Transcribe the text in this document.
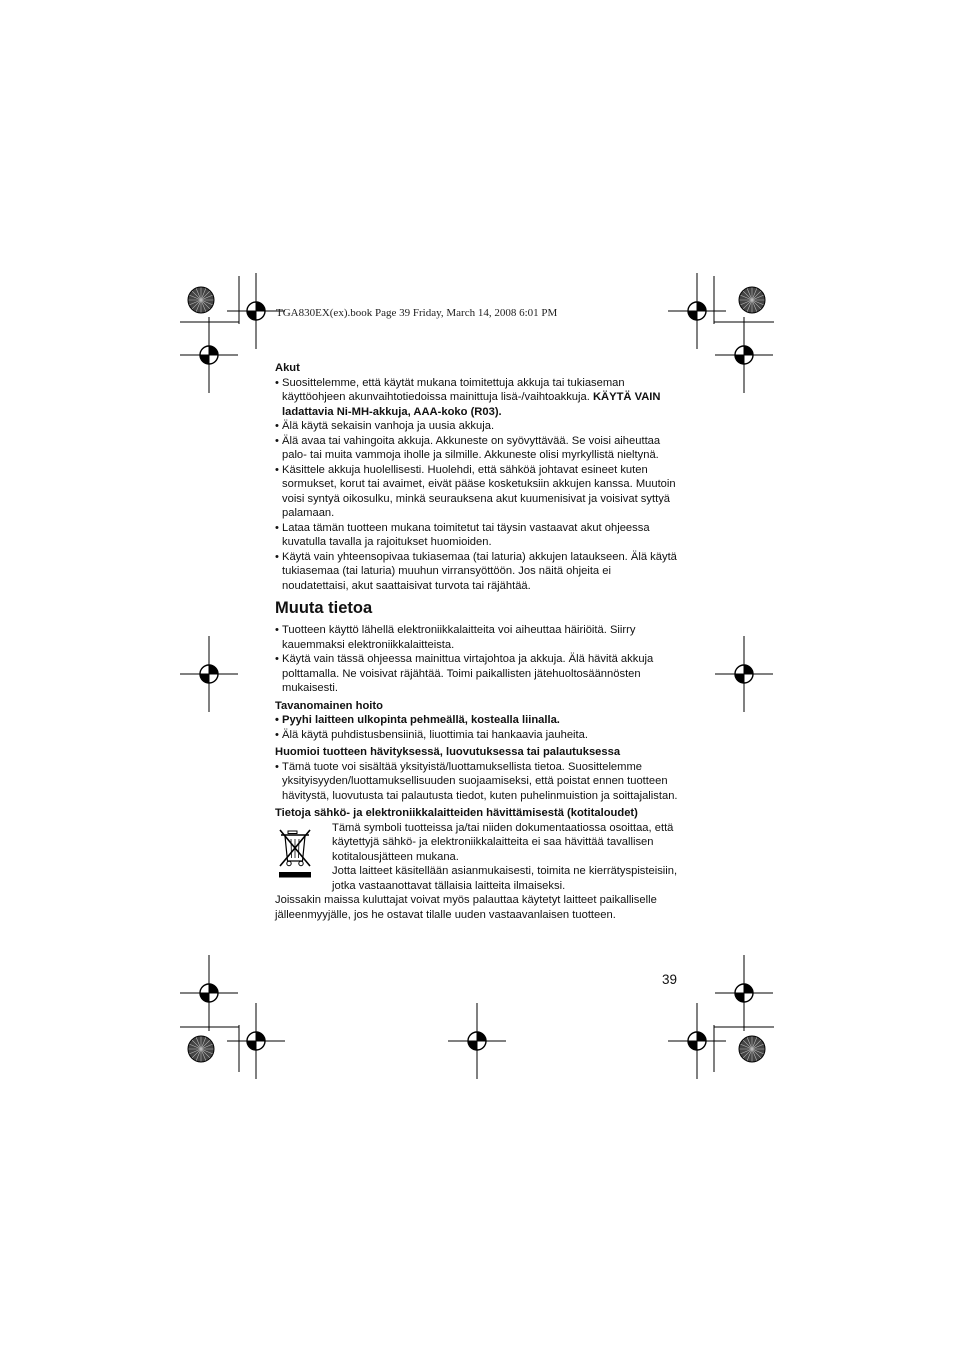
TGA830EX(ex).book Page 39 Friday, March 14, 2008 6:01 PM

Akut

• Suosittelemme, että käytät mukana toimitettuja akkuja tai tukiaseman käyttöohjeen akunvaihtotiedoissa mainittuja lisä-/vaihtoakkuja. KÄYTÄ VAIN ladattavia Ni-MH-akkuja, AAA-koko (R03).
• Älä käytä sekaisin vanhoja ja uusia akkuja.
• Älä avaa tai vahingoita akkuja. Akkuneste on syövyttävää. Se voisi aiheuttaa palo- tai muita vammoja iholle ja silmille. Akkuneste olisi myrkyllistä nieltynä.
• Käsittele akkuja huolellisesti. Huolehdi, että sähköä johtavat esineet kuten sormukset, korut tai avaimet, eivät pääse kosketuksiin akkujen kanssa. Muutoin voisi syntyä oikosulku, minkä seurauksena akut kuumenisivat ja voisivat syttyä palamaan.
• Lataa tämän tuotteen mukana toimitetut tai täysin vastaavat akut ohjeessa kuvatulla tavalla ja rajoitukset huomioiden.
• Käytä vain yhteensopivaa tukiasemaa (tai laturia) akkujen lataukseen. Älä käytä tukiasemaa (tai laturia) muuhun virransyöttöön. Jos näitä ohjeita ei noudatettaisi, akut saattaisivat turvota tai räjähtää.

Muuta tietoa

• Tuotteen käyttö lähellä elektroniikkalaitteita voi aiheuttaa häiriöitä. Siirry kauemmaksi elektroniikkalaitteista.
• Käytä vain tässä ohjeessa mainittua virtajohtoa ja akkuja. Älä hävitä akkuja polttamalla. Ne voisivat räjähtää. Toimi paikallisten jätehuoltosäännösten mukaisesti.

Tavanomainen hoito

• Pyyhi laitteen ulkopinta pehmeällä, kostealla liinalla.
• Älä käytä puhdistusbensiiniä, liuottimia tai hankaavia jauheita.

Huomioi tuotteen hävityksessä, luovutuksessa tai palautuksessa

• Tämä tuote voi sisältää yksityistä/luottamuksellista tietoa. Suosittelemme yksityisyyden/luottamuksellisuuden suojaamiseksi, että poistat ennen tuotteen hävitystä, luovutusta tai palautusta tiedot, kuten puhelinmuistion ja soittajalistan.

Tietoja sähkö- ja elektroniikkalaitteiden hävittämisestä (kotitaloudet)

Tämä symboli tuotteissa ja/tai niiden dokumentaatiossa osoittaa, että käytettyjä sähkö- ja elektroniikkalaitteita ei saa hävittää tavallisen kotitalousjätteen mukana.
Jotta laitteet käsitellään asianmukaisesti, toimita ne kierrätyspisteisiin, jotka vastaanottavat tällaisia laitteita ilmaiseksi.
Joissakin maissa kuluttajat voivat myös palauttaa käytetyt laitteet paikalliselle jälleenmyyjälle, jos he ostavat tilalle uuden vastaavanlaisen tuotteen.
39
